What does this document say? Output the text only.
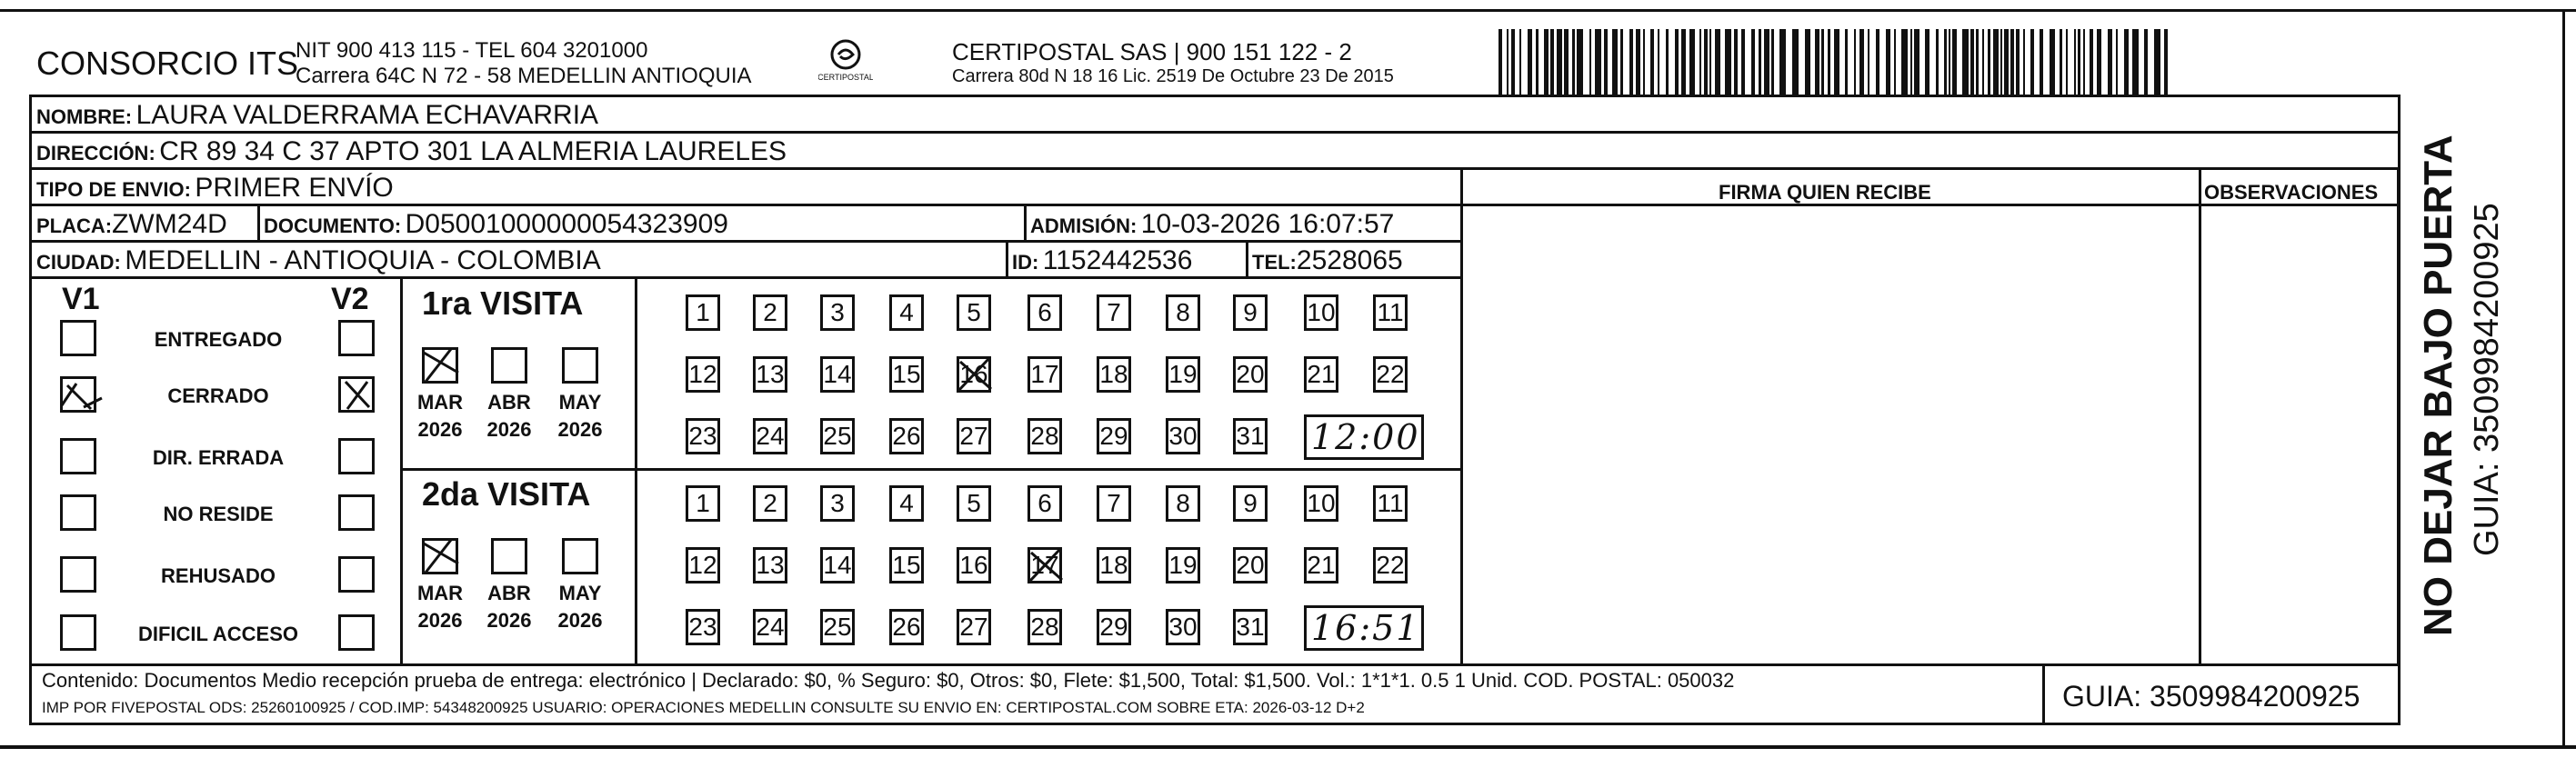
CONSORCIO ITS
NIT 900 413 115 - TEL 604 3201000
Carrera 64C N 72 - 58 MEDELLIN ANTIOQUIA	CERTIPOSTAL
CERTIPOSTAL SAS | 900 151 122 - 2
Carrera 80d N 18 16 Lic. 2519 De Octubre 23 De 2015
NOMBRE: LAURA VALDERRAMA ECHAVARRIA
DIRECCIÓN: CR 89 34 C 37 APTO 301 LA ALMERIA LAURELES
TIPO DE ENVIO: PRIMER ENVÍO
PLACA:ZWM24D DOCUMENTO: D05001000000054323909	ADMISIÓN: 10-03-2026 16:07:57
CIUDAD: MEDELLIN - ANTIOQUIA - COLOMBIA	ID: 1152442536	TEL:2528065
FIRMA QUIEN RECIBE	OBSERVACIONES
V1	V2
Contenido: Documentos Medio recepción prueba de entrega: electrónico | Declarado: $0, % Seguro: $0, Otros: $0, Flete: $1,500, Total: $1,500. Vol.: 1*1*1. 0.5 1 Unid. COD. POSTAL: 050032
IMP POR FIVEPOSTAL ODS: 25260100925 / COD.IMP: 54348200925 USUARIO: OPERACIONES MEDELLIN CONSULTE SU ENVIO EN: CERTIPOSTAL.COM SOBRE ETA: 2026-03-12 D+2	GUIA: 3509984200925
NO DEJAR BAJO PUERTA GUIA: 3509984200925
ENTREGADO
CERRADO
DIR. ERRADA
NO RESIDE
REHUSADO
DIFICIL ACCESO
1ra VISITA
MAR
2026
ABR
2026
MAY
2026
1	2	3	4	5	6	7	8	9	10 11
12 13 14 15 16 17 18 19 20 21 22
23 24 25 26 27 28 29 30 31 12:00
2da VISITA
MAR
2026
ABR
2026
MAY
2026
1	2	3	4	5	6	7	8	9	10 11
12 13 14 15 16 17 18 19 20 21 22
23 24 25 26 27 28 29 30 31 16:51
